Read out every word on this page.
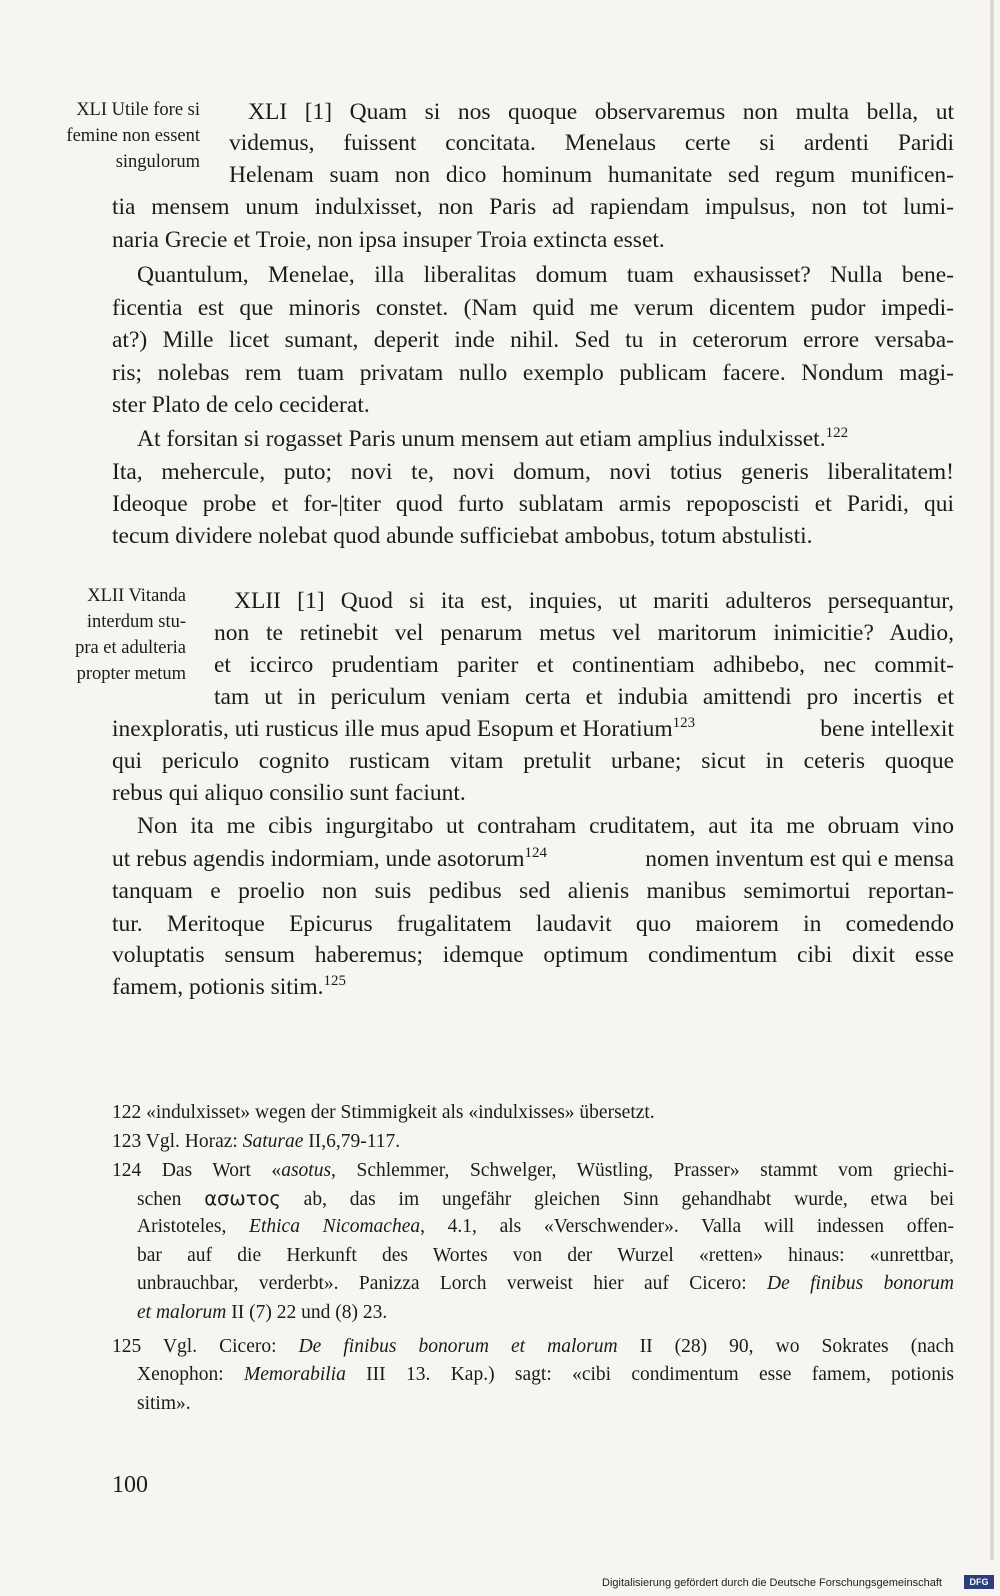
XLI Utile fore si
femine non essent
singulorum
XLI [1] Quam si nos quoque observaremus non multa bella, ut
videmus, fuissent concitata. Menelaus certe si ardenti Paridi
Helenam suam non dico hominum humanitate sed regum munificen-
tia mensem unum indulxisset, non Paris ad rapiendam impulsus, non tot lumi-
naria Grecie et Troie, non ipsa insuper Troia extincta esset.
Quantulum, Menelae, illa liberalitas domum tuam exhausisset? Nulla bene-
ficentia est que minoris constet. (Nam quid me verum dicentem pudor impedi-
at?) Mille licet sumant, deperit inde nihil. Sed tu in ceterorum errore versaba-
ris; nolebas rem tuam privatam nullo exemplo publicam facere. Nondum magi-
ster Plato de celo ceciderat.
At forsitan si rogasset Paris unum mensem aut etiam amplius indulxisset.$^{122}$
Ita, mehercule, puto; novi te, novi domum, novi totius generis liberalitatem!
Ideoque probe et for-|titer quod furto sublatam armis repoposcisti et Paridi, qui
tecum dividere nolebat quod abunde sufficiebat ambobus, totum abstulisti.
XLII Vitanda
interdum stu-
pra et adulteria
propter metum
XLII [1] Quod si ita est, inquies, ut mariti adulteros persequantur,
non te retinebit vel penarum metus vel maritorum inimicitie? Audio,
et iccirco prudentiam pariter et continentiam adhibebo, nec commit-
tam ut in periculum veniam certa et indubia amittendi pro incertis et
inexploratis, uti rusticus ille mus apud Esopum et Horatium$^{123}$	bene intellexit
qui periculo cognito rusticam vitam pretulit urbane; sicut in ceteris quoque
rebus qui aliquo consilio sunt faciunt.
Non ita me cibis ingurgitabo ut contraham cruditatem, aut ita me obruam vino
ut rebus agendis indormiam, unde asotorum$^{124}$	nomen inventum est qui e mensa
tanquam e proelio non suis pedibus sed alienis manibus semimortui reportan-
tur. Meritoque Epicurus frugalitatem laudavit quo maiorem in comedendo
voluptatis sensum haberemus; idemque optimum condimentum cibi dixit esse
famem, potionis sitim.$^{125}$
122 «indulxisset» wegen der Stimmigkeit als «indulxisses» übersetzt.
123 Vgl. Horaz: Saturae II,6,79-117.
124 Das Wort «asotus, Schlemmer, Schwelger, Wüstling, Prasser» stammt vom griechi-
schen ασωτος ab, das im ungefähr gleichen Sinn gehandhabt wurde, etwa bei
Aristoteles, Ethica Nicomachea, 4.1, als «Verschwender». Valla will indessen offen-
bar auf die Herkunft des Wortes von der Wurzel «retten» hinaus: «unrettbar,
unbrauchbar, verderbt». Panizza Lorch verweist hier auf Cicero: De finibus bonorum
et malorum II (7) 22 und (8) 23.
125 Vgl. Cicero: De finibus bonorum et malorum II (28) 90, wo Sokrates (nach
Xenophon: Memorabilia III 13. Kap.) sagt: «cibi condimentum esse famem, potionis
sitim».
100
Digitalisierung gefördert durch die Deutsche Forschungsgemeinschaft	DFG
